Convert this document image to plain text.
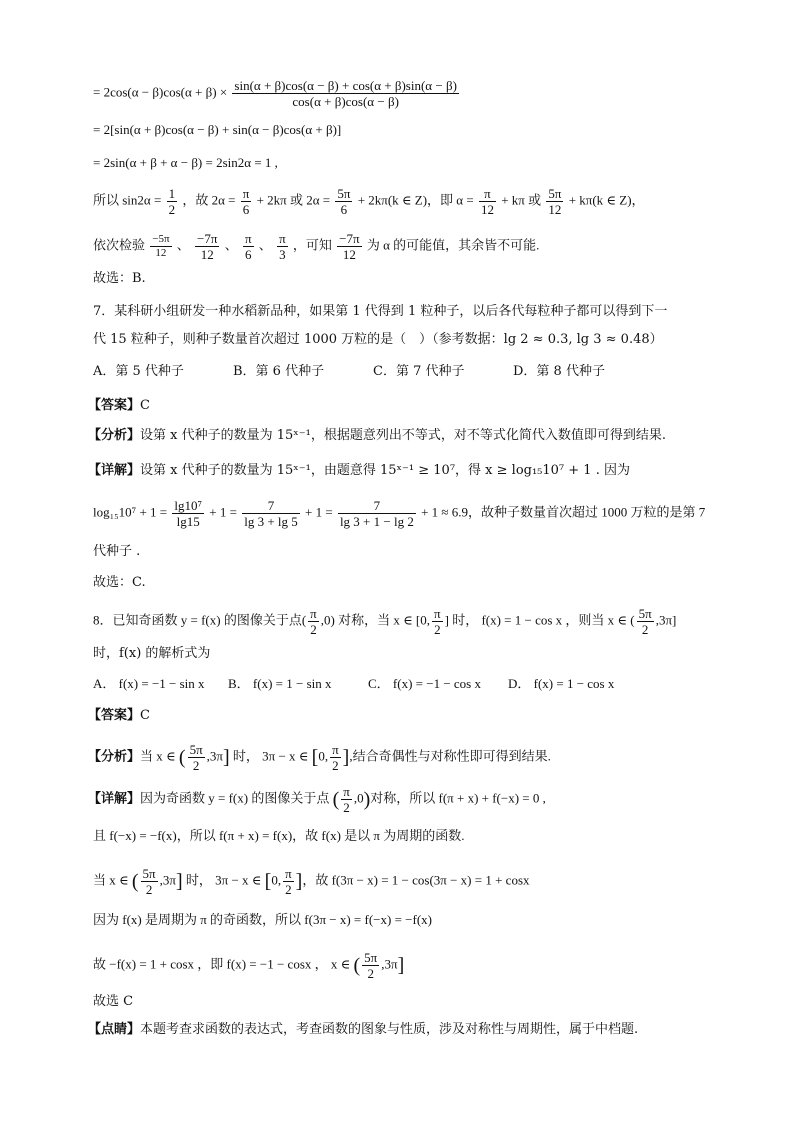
= $2\cos(\alpha - \beta)\cos(\alpha + \beta) \times \frac{\sin(\alpha + \beta)\cos(\alpha - \beta) + \cos(\alpha + \beta)\sin(\alpha - \beta)}{\cos(\alpha + \beta)\cos(\alpha - \beta)}$
= 2[sin(α + β)cos(α − β) + sin(α − β)cos(α + β)]
= 2sin(α + β + α − β) = 2sin2α = 1 ,
所以 $\sin 2\alpha = \frac{1}{2}$ ，故 $2\alpha = \frac{\pi}{6} + 2k\pi$ 或 $2\alpha = \frac{5\pi}{6} + 2k\pi(k$ ∈ Z)，即 $\alpha = \frac{\pi}{12} + k\pi$ 或 $\frac{5\pi}{12} + k\pi(k$ ∈ Z)，
依次检验 $\frac{-5\pi}{12}$ 、 $\frac{-7\pi}{12}$ 、 $\frac{\pi}{6}$ 、 $\frac{\pi}{3}$ ，可知 $\frac{-7\pi}{12}$ 为 α 的可能值，其余皆不可能.
故选：B.
7．某科研小组研发一种水稻新品种，如果第 1 代得到 1 粒种子，以后各代每粒种子都可以得到下一
代 15 粒种子，则种子数量首次超过 1000 万粒的是（　）（参考数据：lg 2 ≈ 0.3, lg 3 ≈ 0.48）
A．第 5 代种子	B．第 6 代种子	C．第 7 代种子	D．第 8 代种子
【答案】C
【分析】设第 x 代种子的数量为 15ˣ⁻¹，根据题意列出不等式，对不等式化简代入数值即可得到结果.
【详解】设第 x 代种子的数量为 15ˣ⁻¹，由题意得 15ˣ⁻¹ ≥ 10⁷，得 x ≥ log₁₅10⁷ + 1 . 因为
$\log_{15}10^7 + 1 = \frac{\text{lg10⁷}}{\lg 15} + 1 = \frac{7}{\lg 3 + \lg 5} + 1 = \frac{7}{\lg 3 + 1 - \lg 2} + 1 \approx 6.9$，故种子数量首次超过 1000 万粒的是第 7
代种子 .
故选：C.
8．已知奇函数 y = f(x) 的图像关于点( $\frac{\pi}{2} ,0$) 对称，当 x ∈ [0, $\frac{\pi}{2}$ ] 时， f(x) = 1 − cos x ，则当 x ∈ ( $\frac{5\pi}{2} ,3\pi$]
时，f(x) 的解析式为
A． f(x) = −1 − sin x B． f(x) = 1 − sin x	C． f(x) = −1 − cos x D． f(x) = 1 − cos x
【答案】C
【分析】当 x ∈ ( $\frac{5\pi}{2} ,3\pi$] 时， 3π − x ∈ [0, $\frac{\pi}{2}$ ],结合奇偶性与对称性即可得到结果.
【详解】因为奇函数 y = f(x) 的图像关于点 ( $\frac{\pi}{2} ,0$)对称，所以 f(π + x) + f(−x) = 0 ,
且 f(−x) = −f(x)，所以 f(π + x) = f(x)，故 f(x) 是以 π 为周期的函数.
当 x ∈ ( $\frac{5\pi}{2} ,3\pi$] 时， 3π − x ∈ [0, $\frac{\pi}{2}$ ]，故 f(3π − x) = 1 − cos(3π − x) = 1 + cosx
因为 f(x) 是周期为 π 的奇函数，所以 f(3π − x) = f(−x) = −f(x)
故 −f(x) = 1 + cosx ，即 f(x) = −1 − cosx ， x ∈ ( $\frac{5\pi}{2} ,3\pi$]
故选 C
【点睛】本题考查求函数的表达式，考查函数的图象与性质，涉及对称性与周期性，属于中档题.
